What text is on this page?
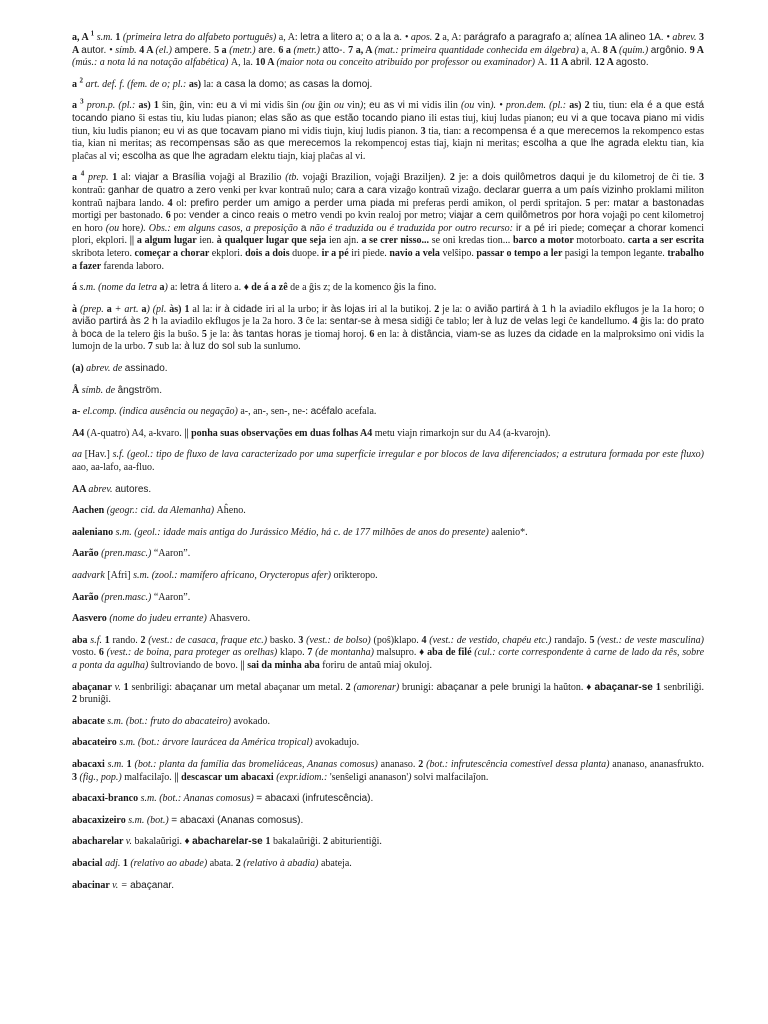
a, A $^1$ s.m. 1 (primeira letra do alfabeto português) a, A: letra a litero a; o a la a. • apos. 2 a, A: parágrafo a paragrafo a; alínea 1A alineo 1A. • abrev. 3 A autor. • símb. 4 A (el.) ampere. 5 a (metr.) are. 6 a (metr.) atto-. 7 a, A (mat.: primeira quantidade conhecida em álgebra) a, A. 8 A (quím.) argônio. 9 A (mús.: a nota lá na notação alfabética) A, la. 10 A (maior nota ou conceito atribuído por professor ou examinador) A. 11 A abril. 12 A agosto.

a $^2$ art. def. f. (fem. de o; pl.: as) la: a casa la domo; as casas la domoj.

a $^3$ pron.p. (pl.: as) 1 ŝin, ĝin, vin: eu a vi mi vidis ŝin (ou ĝin ou vin); eu as vi mi vidis ilin (ou vin). • pron.dem. (pl.: as) 2 tiu, tiun: ela é a que está tocando piano ŝi estas tiu, kiu ludas pianon; elas são as que estão tocando piano ili estas tiuj, kiuj ludas pianon; eu vi a que tocava piano mi vidis tiun, kiu ludis pianon; eu vi as que tocavam piano mi vidis tiujn, kiuj ludis pianon. 3 tia, tian: a recompensa é a que merecemos la rekompenco estas tia, kian ni meritas; as recompensas são as que merecemos la rekompencoj estas tiaj, kiajn ni meritas; escolha a que lhe agrada elektu tian, kia plaĉas al vi; escolha as que lhe agradam elektu tiajn, kiaj plaĉas al vi.

a $^4$ prep. 1 al: viajar a Brasília vojaĝi al Brazilio (tb. vojaĝi Brazilion, vojaĝi Braziljen). 2 je: a dois quilômetros daqui je du kilometroj de ĉi tie. 3 kontraŭ: ganhar de quatro a zero venki per kvar kontraŭ nulo; cara a cara vizaĝo kontraŭ vizaĝo. declarar guerra a um país vizinho proklami militon kontraŭ najbara lando. 4 ol: prefiro perder um amigo a perder uma piada mi preferas perdi amikon, ol perdi spritaĵon. 5 per: matar a bastonadas mortigi per bastonado. 6 po: vender a cinco reais o metro vendi po kvin realoj por metro; viajar a cem quilômetros por hora vojaĝi po cent kilometroj en horo (ou hore). Obs.: em alguns casos, a preposição a não é traduzida ou é traduzida por outro recurso: ir a pé iri piede; começar a chorar komenci plori, ekplori. || a algum lugar ien. à qualquer lugar que seja ien ajn. a se crer nisso... se oni kredas tion... barco a motor motorboato. carta a ser escrita skribota letero. começar a chorar ekplori. dois a dois duope. ir a pé iri piede. navio a vela velŝipo. passar o tempo a ler pasigi la tempon legante. trabalho a fazer farenda laboro.

á s.m. (nome da letra a) a: letra á litero a. ♦ de á a zê de a ĝis z; de la komenco ĝis la fino.

à (prep. a + art. a) (pl. às) 1 al la: ir à cidade iri al la urbo; ir às lojas iri al la butikoj. 2 je la: o avião partirá à 1 h la aviadilo ekflugos je la 1a horo; o avião partirá às 2 h la aviadilo ekflugos je la 2a horo. 3 ĉe la: sentar-se à mesa sidiĝi ĉe tablo; ler à luz de velas legi ĉe kandellumo. 4 ĝis la: do prato à boca de la telero ĝis la buŝo. 5 je la: às tantas horas je tiomaj horoj. 6 en la: à distância, viam-se as luzes da cidade en la malproksimo oni vidis la lumojn de la urbo. 7 sub la: à luz do sol sub la sunlumo.

(a) abrev. de assinado.

Å símb. de ângström.

a- el.comp. (indica ausência ou negação) a-, an-, sen-, ne-: acéfalo acefala.

A4 (A-quatro) A4, a-kvaro. || ponha suas observações em duas folhas A4 metu viajn rimarkojn sur du A4 (a-kvarojn).

aa [Hav.] s.f. (geol.: tipo de fluxo de lava caracterizado por uma superfície irregular e por blocos de lava diferenciados; a estrutura formada por este fluxo) aao, aa-lafo, aa-fluo.

AA abrev. autores.

Aachen (geogr.: cid. da Alemanha) Aĥeno.

aaleniano s.m. (geol.: idade mais antiga do Jurássico Médio, há c. de 177 milhões de anos do presente) aalenio*.

Aarão (pren.masc.) “Aaron”.

aadvark [Afri] s.m. (zool.: mamífero africano, Orycteropus afer) orikteropo.

Aarão (pren.masc.) “Aaron”.

Aasvero (nome do judeu errante) Ahasvero.

aba s.f. 1 rando. 2 (vest.: de casaca, fraque etc.) basko. 3 (vest.: de bolso) (poŝ)klapo. 4 (vest.: de vestido, chapéu etc.) randaĵo. 5 (vest.: de veste masculina) vosto. 6 (vest.: de boina, para proteger as orelhas) klapo. 7 (de montanha) malsupro. ♦ aba de filé (cul.: corte correspondente à carne de lado da rês, sobre a ponta da agulha) ŝultroviando de bovo. || sai da minha aba foriru de antaŭ miaj okuloj.

abaçanar v. 1 senbriligi: abaçanar um metal abaçanar um metal. 2 (amorenar) brunigi: abaçanar a pele brunigi la haŭton. ♦ abaçanar-se 1 senbriliĝi. 2 bruniĝi.

abacate s.m. (bot.: fruto do abacateiro) avokado.

abacateiro s.m. (bot.: árvore lauráceа da América tropical) avokadujo.

abacaxi s.m. 1 (bot.: planta da família das bromeliáceas, Ananas comosus) ananaso. 2 (bot.: infrutescência comestível dessa planta) ananaso, ananasfrukto. 3 (fig., pop.) malfacilaĵo. || descascar um abacaxi (expr.idiom.: 'senŝeligi ananason') solvi malfacilaĵon.

abacaxi-branco s.m. (bot.: Ananas comosus) = abacaxi (infrutescência).

abacaxizeiro s.m. (bot.) = abacaxi (Ananas comosus).

abacharelar v. bakalaŭrigi. ♦ abacharelar-se 1 bakalaŭriĝi. 2 abiturientiĝi.

abacial adj. 1 (relativo ao abade) abata. 2 (relativo à abadia) abateja.

abacinar v. = abaçanar.
